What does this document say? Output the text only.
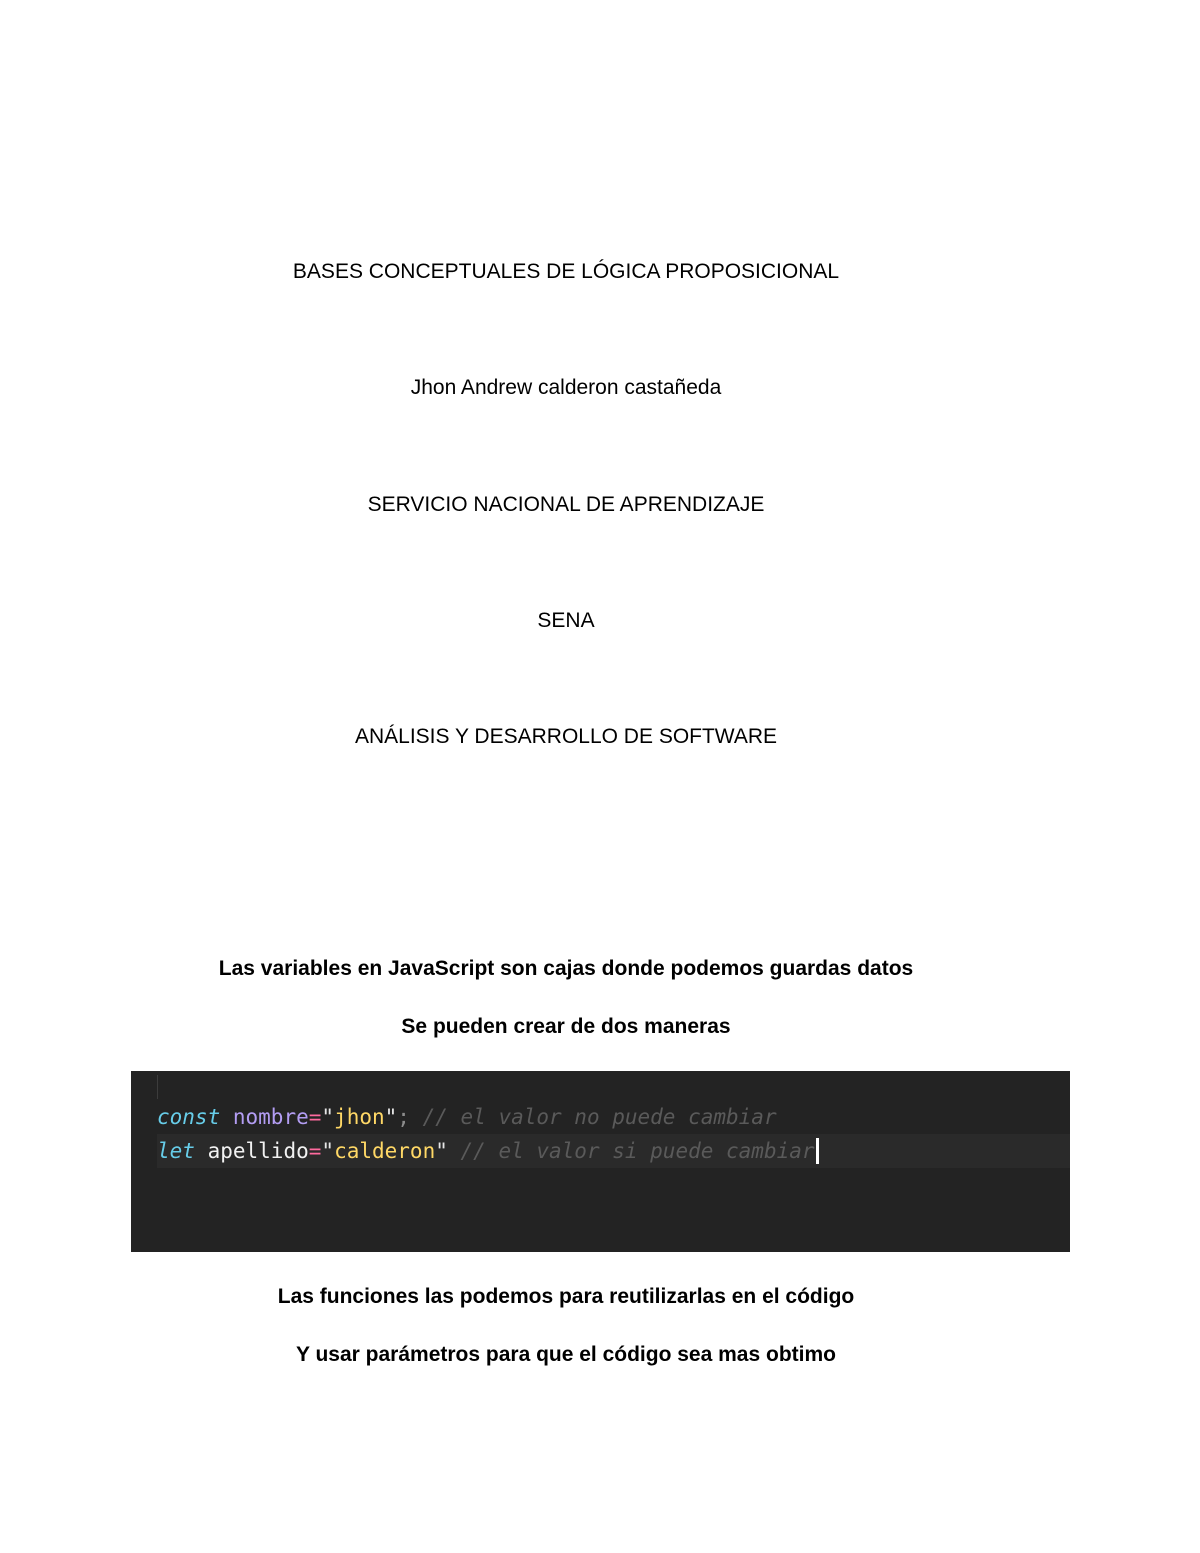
BASES CONCEPTUALES DE LÓGICA PROPOSICIONAL
Jhon Andrew calderon castañeda
SERVICIO NACIONAL DE APRENDIZAJE
SENA
ANÁLISIS Y DESARROLLO DE SOFTWARE
Las variables en JavaScript son cajas donde podemos guardas datos
Se pueden crear de dos maneras
const nombre="jhon"; // el valor no puede cambiar
let apellido="calderon" // el valor si puede cambiar
Las funciones las podemos para reutilizarlas en el código
Y usar parámetros para que el código sea mas obtimo
